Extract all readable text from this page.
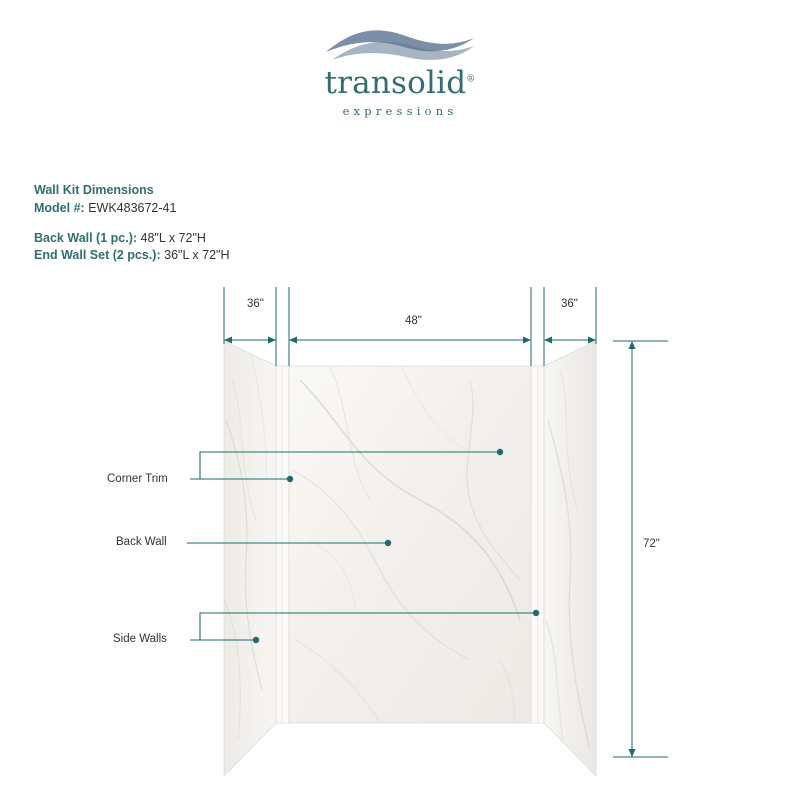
transolid®
expressions
Wall Kit Dimensions
Model #: EWK483672-41
Back Wall (1 pc.): 48"L x 72"H
End Wall Set (2 pcs.): 36"L x 72"H
Corner Trim
Back Wall
Side Walls
36"
48"
36"
72"
